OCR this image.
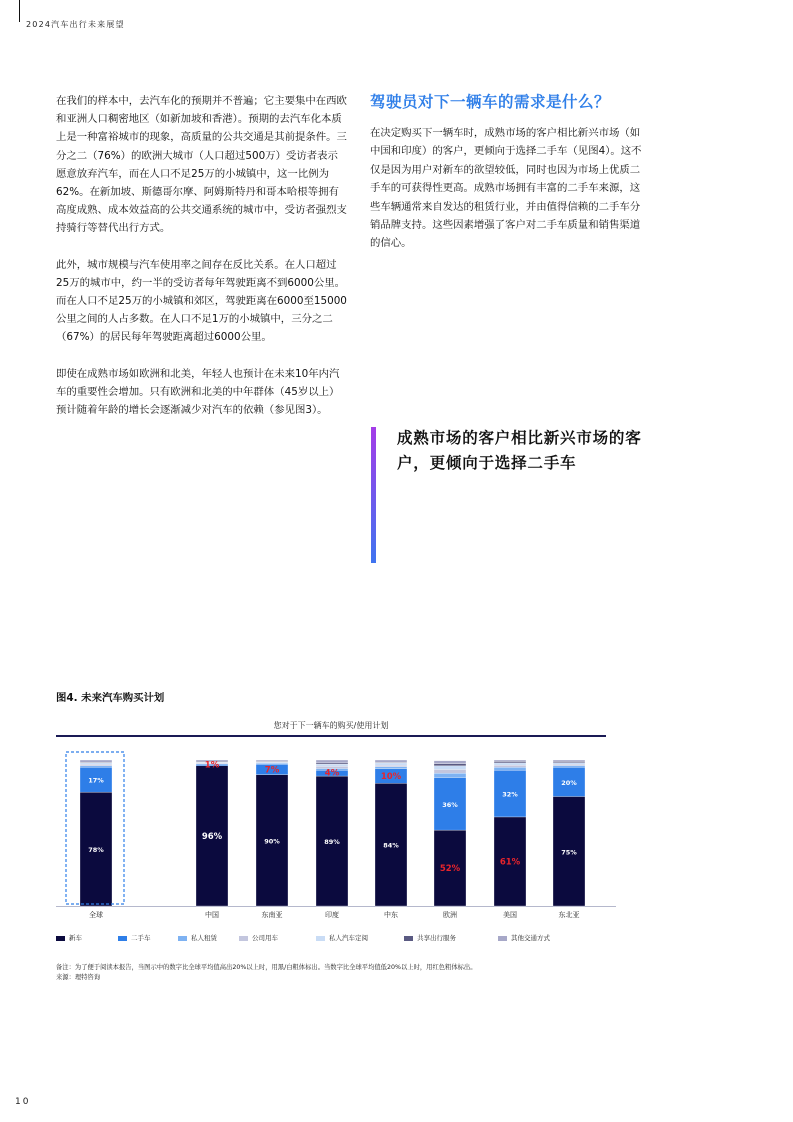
2024汽车出行未来展望

在我们的样本中，去汽车化的预期并不普遍；它主要集中在西欧和亚洲人口稠密地区（如新加坡和香港）。预期的去汽车化本质上是一种富裕城市的现象，高质量的公共交通是其前提条件。三分之二（76%）的欧洲大城市（人口超过500万）受访者表示愿意放弃汽车，而在人口不足25万的小城镇中，这一比例为62%。在新加坡、斯德哥尔摩、阿姆斯特丹和哥本哈根等拥有高度成熟、成本效益高的公共交通系统的城市中，受访者强烈支持骑行等替代出行方式。

此外，城市规模与汽车使用率之间存在反比关系。在人口超过25万的城市中，约一半的受访者每年驾驶距离不到6000公里。而在人口不足25万的小城镇和郊区，驾驶距离在6000至15000公里之间的人占多数。在人口不足1万的小城镇中，三分之二（67%）的居民每年驾驶距离超过6000公里。

即使在成熟市场如欧洲和北美，年轻人也预计在未来10年内汽车的重要性会增加。只有欧洲和北美的中年群体（45岁以上）预计随着年龄的增长会逐渐减少对汽车的依赖（参见图3）。

驾驶员对下一辆车的需求是什么？

在决定购买下一辆车时，成熟市场的客户相比新兴市场（如中国和印度）的客户，更倾向于选择二手车（见图4）。这不仅是因为用户对新车的欲望较低，同时也因为市场上优质二手车的可获得性更高。成熟市场拥有丰富的二手车来源，这些车辆通常来自发达的租赁行业，并由值得信赖的二手车分销品牌支持。这些因素增强了客户对二手车质量和销售渠道的信心。

成熟市场的客户相比新兴市场的客户，更倾向于选择二手车
图4. 未来汽车购买计划
您对于下一辆车的购买/使用计划
78%
17%
全球
96%
1%
中国
90%
7%
东南亚
89%
4%
印度
84%
10%
中东
52%
36%
欧洲
61%
32%
美国
75%
20%
东北亚
新车	二手车	私人租赁	公司用车	私人汽车定阅	共享出行服务	其他交通方式
备注：为了便于阅读本报告，当图示中的数字比全球平均值高出20%以上时，用黑/白粗体标出。当数字比全球平均值低20%以上时，用红色粗体标出。
来源：理特咨询
10
